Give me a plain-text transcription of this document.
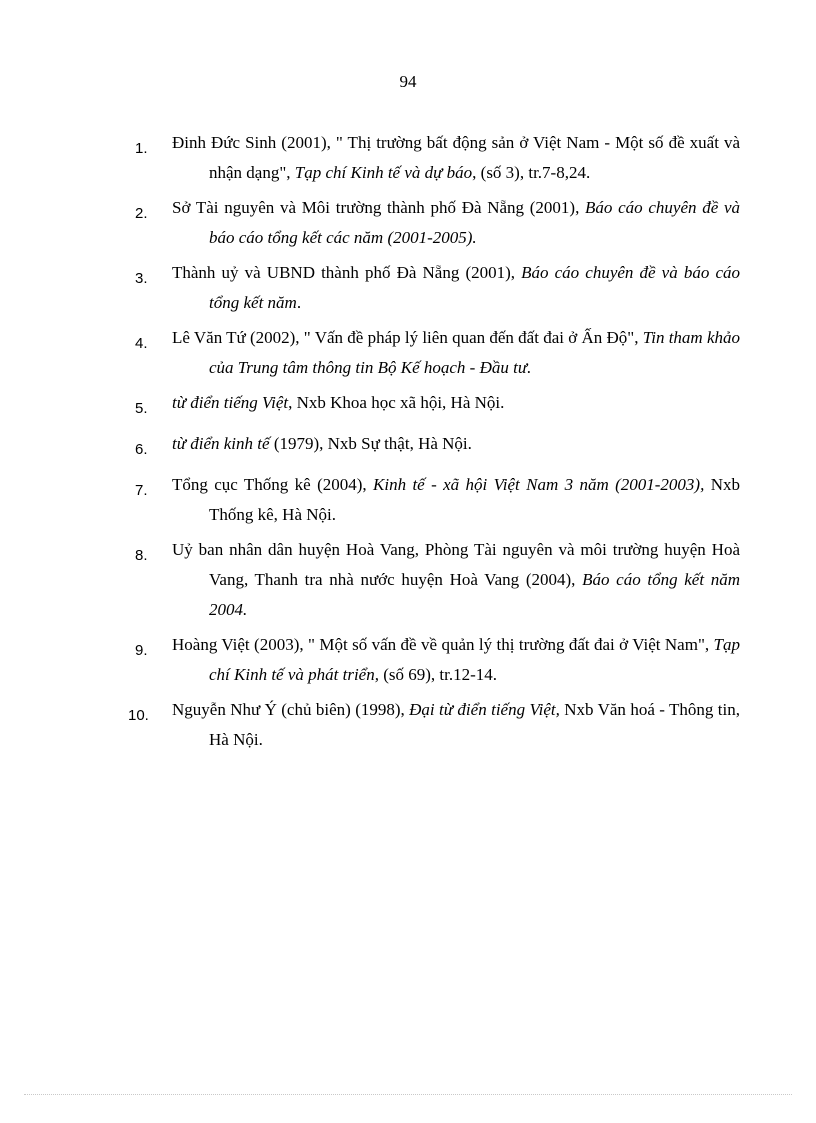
94
1.	Đinh Đức Sinh (2001), " Thị trường bất động sản ở Việt Nam - Một số đề xuất và nhận dạng", Tạp chí Kinh tế và dự báo, (số 3), tr.7-8,24.
2.	Sở Tài nguyên và Môi trường thành phố Đà Nẵng (2001), Báo cáo chuyên đề và báo cáo tổng kết các năm (2001-2005).
3.	Thành uỷ và UBND thành phố Đà Nẵng (2001), Báo cáo chuyên đề và báo cáo tổng kết năm.
4.	Lê Văn Tứ (2002), " Vấn đề pháp lý liên quan đến đất đai ở Ấn Độ", Tin tham khảo của Trung tâm thông tin Bộ Kế hoạch - Đầu tư.
5.	từ điển tiếng Việt, Nxb Khoa học xã hội, Hà Nội.
6.	từ điển kinh tế (1979), Nxb Sự thật, Hà Nội.
7.	Tổng cục Thống kê (2004), Kinh tế - xã hội Việt Nam 3 năm (2001-2003), Nxb Thống kê, Hà Nội.
8.	Uỷ ban nhân dân huyện Hoà Vang, Phòng Tài nguyên và môi trường huyện Hoà Vang, Thanh tra nhà nước huyện Hoà Vang (2004), Báo cáo tổng kết năm 2004.
9.	Hoàng Việt (2003), " Một số vấn đề về quản lý thị trường đất đai ở Việt Nam", Tạp chí Kinh tế và phát triển, (số 69), tr.12-14.
10.	Nguyễn Như Ý (chủ biên) (1998), Đại từ điển tiếng Việt, Nxb Văn hoá - Thông tin, Hà Nội.
